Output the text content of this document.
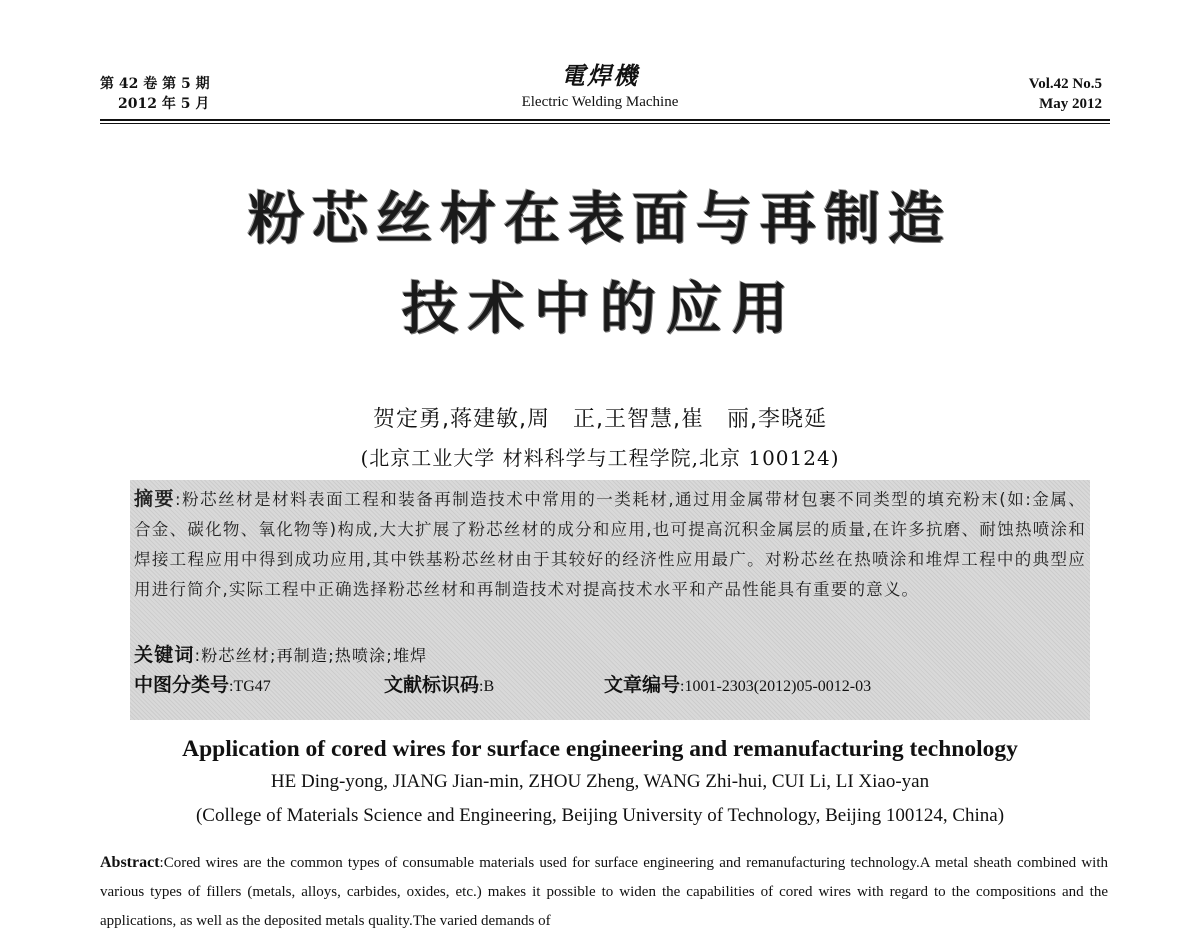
第 42 卷 第 5 期
2012 年 5 月
電焊機
Electric Welding Machine
Vol.42 No.5
May 2012
粉芯丝材在表面与再制造
技术中的应用
贺定勇,蒋建敏,周　正,王智慧,崔　丽,李晓延
(北京工业大学 材料科学与工程学院,北京 100124)
摘要:粉芯丝材是材料表面工程和装备再制造技术中常用的一类耗材,通过用金属带材包裹不同类型的填充粉末(如:金属、合金、碳化物、氧化物等)构成,大大扩展了粉芯丝材的成分和应用,也可提高沉积金属层的质量,在许多抗磨、耐蚀热喷涂和焊接工程应用中得到成功应用,其中铁基粉芯丝材由于其较好的经济性应用最广。对粉芯丝在热喷涂和堆焊工程中的典型应用进行简介,实际工程中正确选择粉芯丝材和再制造技术对提高技术水平和产品性能具有重要的意义。
关键词:粉芯丝材;再制造;热喷涂;堆焊
中图分类号:TG47	文献标识码:B	文章编号:1001-2303(2012)05-0012-03
Application of cored wires for surface engineering and remanufacturing technology
HE Ding-yong, JIANG Jian-min, ZHOU Zheng, WANG Zhi-hui, CUI Li, LI Xiao-yan
(College of Materials Science and Engineering, Beijing University of Technology, Beijing 100124, China)
Abstract:Cored wires are the common types of consumable materials used for surface engineering and remanufacturing technology.A metal sheath combined with various types of fillers (metals, alloys, carbides, oxides, etc.) makes it possible to widen the capabilities of cored wires with regard to the compositions and the applications, as well as the deposited metals quality.The varied demands of
